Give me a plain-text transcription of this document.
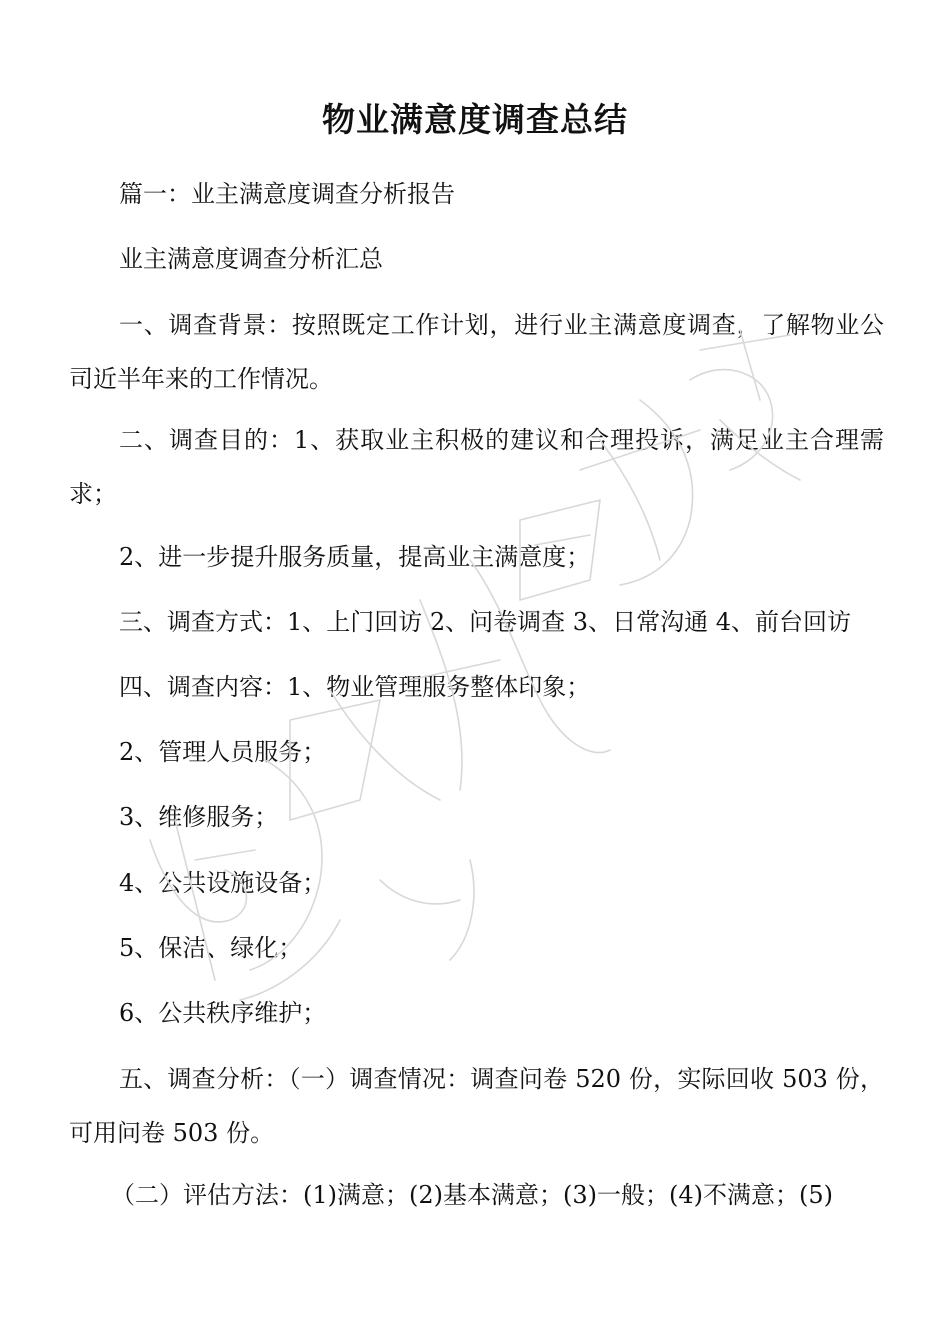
物业满意度调查总结
篇一：业主满意度调查分析报告
业主满意度调查分析汇总
一、调查背景：按照既定工作计划，进行业主满意度调查，了解物业公司近半年来的工作情况。
二、调查目的：1、获取业主积极的建议和合理投诉，满足业主合理需求；
2、进一步提升服务质量，提高业主满意度；
三、调查方式：1、上门回访 2、问卷调查 3、日常沟通 4、前台回访
四、调查内容：1、物业管理服务整体印象；
2、管理人员服务；
3、维修服务；
4、公共设施设备；
5、保洁、绿化；
6、公共秩序维护；
五、调查分析：（一）调查情况：调查问卷 520 份，实际回收 503 份，可用问卷 503 份。
（二）评估方法：(1)满意；(2)基本满意；(3)一般；(4)不满意；(5)
